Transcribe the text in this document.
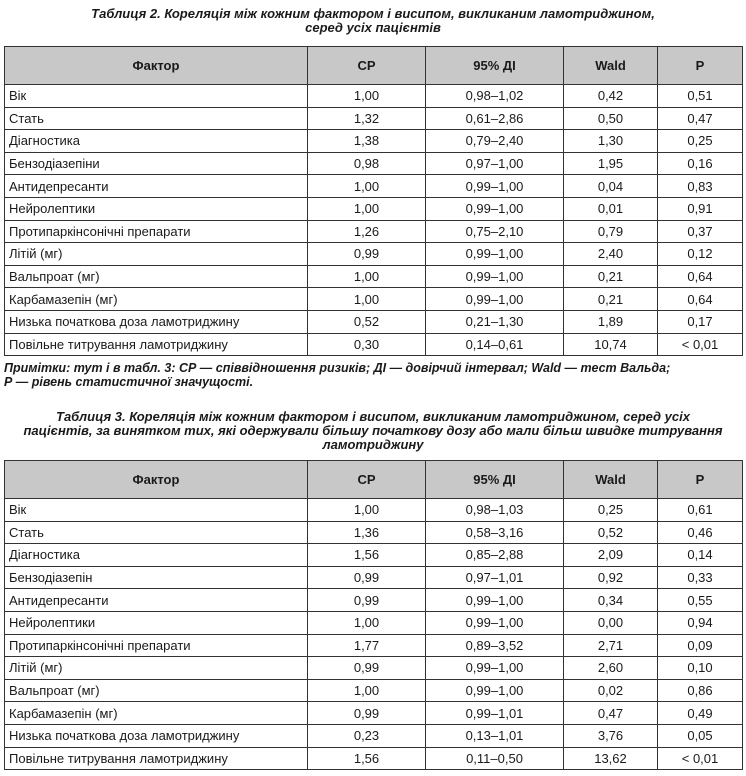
Таблиця 2. Кореляція між кожним фактором і висипом, викликаним ламотриджином,
серед усіх пацієнтів
Фактор	СР	95% ДІ	Wald	Р
Вік	1,00	0,98–1,02	0,42	0,51
Стать	1,32	0,61–2,86	0,50	0,47
Діагностика	1,38	0,79–2,40	1,30	0,25
Бензодіазепіни	0,98	0,97–1,00	1,95	0,16
Антидепресанти	1,00	0,99–1,00	0,04	0,83
Нейролептики	1,00	0,99–1,00	0,01	0,91
Протипаркінсонічні препарати	1,26	0,75–2,10	0,79	0,37
Літій (мг)	0,99	0,99–1,00	2,40	0,12
Вальпроат (мг)	1,00	0,99–1,00	0,21	0,64
Карбамазепін (мг)	1,00	0,99–1,00	0,21	0,64
Низька початкова доза ламотриджину	0,52	0,21–1,30	1,89	0,17
Повільне титрування ламотриджину	0,30	0,14–0,61	10,74	< 0,01
Примітки: тут і в табл. 3: СР — співвідношення ризиків; ДІ — довірчий інтервал; Wald — тест Вальда;
Р — рівень статистичної значущості.
Таблиця 3. Кореляція між кожним фактором і висипом, викликаним ламотриджином, серед усіх
пацієнтів, за винятком тих, які одержували більшу початкову дозу або мали більш швидке титрування
ламотриджину
Фактор	СР	95% ДІ	Wald	Р
Вік	1,00	0,98–1,03	0,25	0,61
Стать	1,36	0,58–3,16	0,52	0,46
Діагностика	1,56	0,85–2,88	2,09	0,14
Бензодіазепін	0,99	0,97–1,01	0,92	0,33
Антидепресанти	0,99	0,99–1,00	0,34	0,55
Нейролептики	1,00	0,99–1,00	0,00	0,94
Протипаркінсонічні препарати	1,77	0,89–3,52	2,71	0,09
Літій (мг)	0,99	0,99–1,00	2,60	0,10
Вальпроат (мг)	1,00	0,99–1,00	0,02	0,86
Карбамазепін (мг)	0,99	0,99–1,01	0,47	0,49
Низька початкова доза ламотриджину	0,23	0,13–1,01	3,76	0,05
Повільне титрування ламотриджину	1,56	0,11–0,50	13,62	< 0,01
